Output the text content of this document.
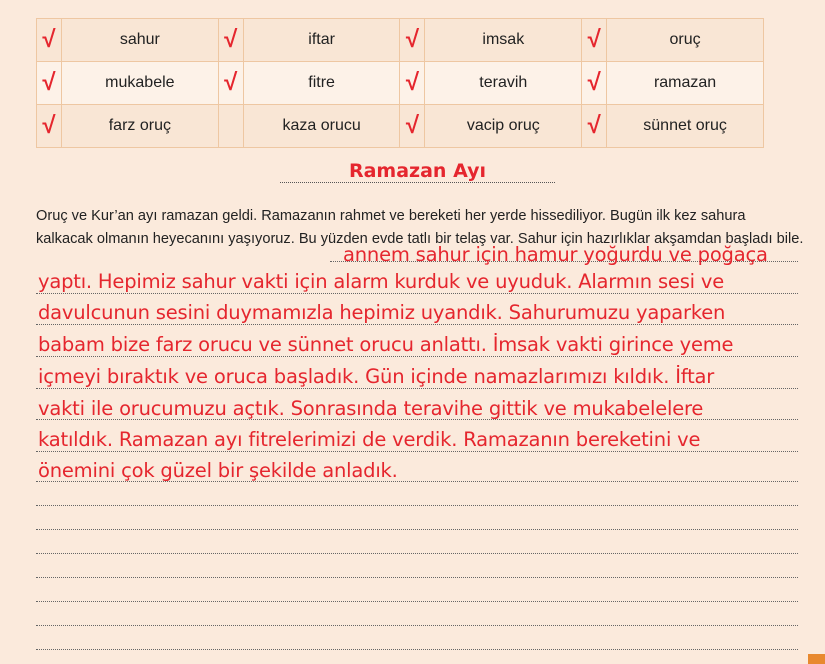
√	sahur	√	iftar	√	imsak	√	oruç
√	mukabele	√	fitre	√	teravih	√	ramazan
√	farz oruç		kaza orucu	√	vacip oruç	√	sünnet oruç
Ramazan Ayı
Oruç ve Kur’an ayı ramazan geldi. Ramazanın rahmet ve bereketi her yerde hissediliyor. Bugün ilk kez sahura kalkacak olmanın heyecanını yaşıyoruz. Bu yüzden evde tatlı bir telaş var. Sahur için hazırlıklar akşamdan başladı bile.
annem sahur için hamur yoğurdu ve poğaça
yaptı. Hepimiz sahur vakti için alarm kurduk ve uyuduk. Alarmın sesi ve
davulcunun sesini duymamızla hepimiz uyandık. Sahurumuzu yaparken
babam bize farz orucu ve sünnet orucu anlattı. İmsak vakti girince yeme
içmeyi bıraktık ve oruca başladık. Gün içinde namazlarımızı kıldık. İftar
vakti ile orucumuzu açtık. Sonrasında teravihe gittik ve mukabelelere
katıldık. Ramazan ayı fitrelerimizi de verdik. Ramazanın bereketini ve
önemini çok güzel bir şekilde anladık.
